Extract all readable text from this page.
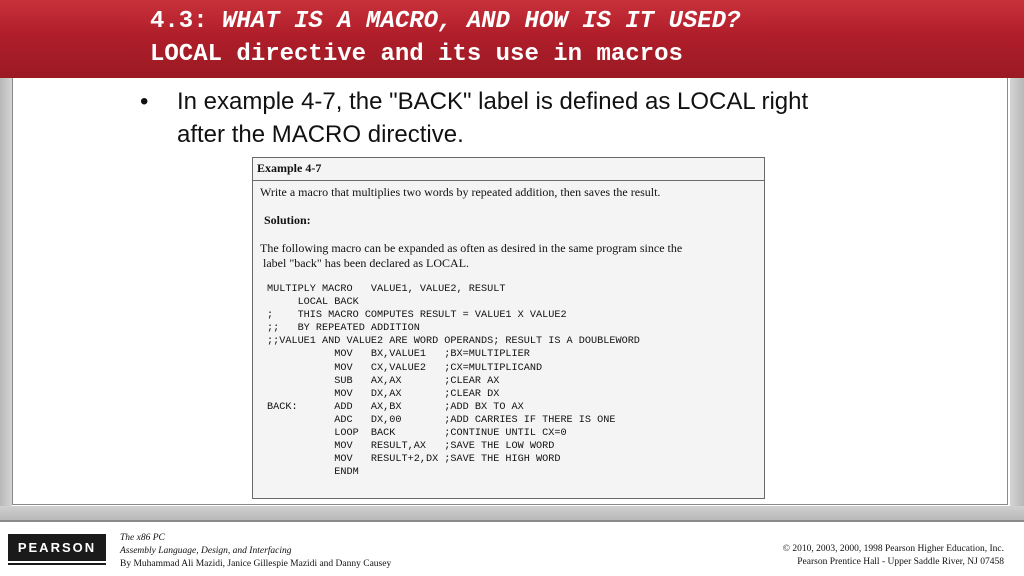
4.3: WHAT IS A MACRO, AND HOW IS IT USED?
LOCAL directive and its use in macros
• In example 4-7, the "BACK" label is defined as LOCAL right after the MACRO directive.
Example 4-7
Write a macro that multiplies two words by repeated addition, then saves the result.
Solution:
The following macro can be expanded as often as desired in the same program since the
label "back" has been declared as LOCAL.
MULTIPLY MACRO   VALUE1, VALUE2, RESULT
LOCAL BACK
;    THIS MACRO COMPUTES RESULT = VALUE1 X VALUE2
;;   BY REPEATED ADDITION
;;VALUE1 AND VALUE2 ARE WORD OPERANDS; RESULT IS A DOUBLEWORD
MOV   BX,VALUE1   ;BX=MULTIPLIER
MOV   CX,VALUE2   ;CX=MULTIPLICAND
SUB   AX,AX       ;CLEAR AX
MOV   DX,AX       ;CLEAR DX
BACK:      ADD   AX,BX       ;ADD BX TO AX
ADC   DX,00       ;ADD CARRIES IF THERE IS ONE
LOOP  BACK        ;CONTINUE UNTIL CX=0
MOV   RESULT,AX   ;SAVE THE LOW WORD
MOV   RESULT+2,DX ;SAVE THE HIGH WORD
ENDM
PEARSON
The x86 PC
Assembly Language, Design, and Interfacing
By Muhammad Ali Mazidi, Janice Gillespie Mazidi and Danny Causey
© 2010, 2003, 2000, 1998 Pearson Higher Education, Inc.
Pearson Prentice Hall - Upper Saddle River, NJ 07458
